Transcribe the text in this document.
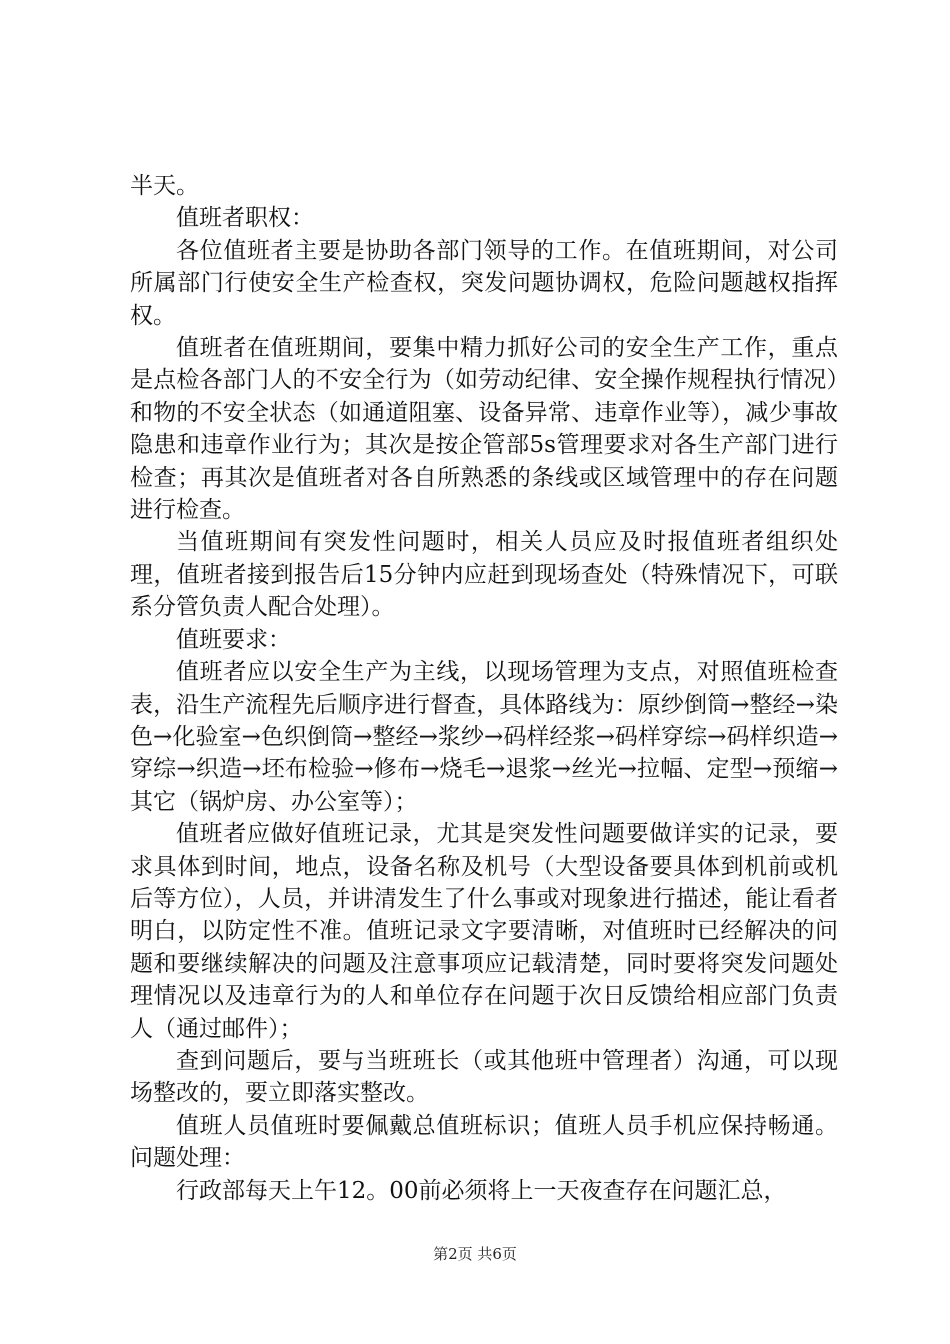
半天。

值班者职权：

各位值班者主要是协助各部门领导的工作。在值班期间，对公司所属部门行使安全生产检查权，突发问题协调权，危险问题越权指挥权。

值班者在值班期间，要集中精力抓好公司的安全生产工作，重点是点检各部门人的不安全行为（如劳动纪律、安全操作规程执行情况）和物的不安全状态（如通道阻塞、设备异常、违章作业等），减少事故隐患和违章作业行为；其次是按企管部5s管理要求对各生产部门进行检查；再其次是值班者对各自所熟悉的条线或区域管理中的存在问题进行检查。

当值班期间有突发性问题时，相关人员应及时报值班者组织处理，值班者接到报告后15分钟内应赶到现场查处（特殊情况下，可联系分管负责人配合处理）。

值班要求：

值班者应以安全生产为主线，以现场管理为支点，对照值班检查表，沿生产流程先后顺序进行督查，具体路线为：原纱倒筒→整经→染色→化验室→色织倒筒→整经→浆纱→码样经浆→码样穿综→码样织造→穿综→织造→坯布检验→修布→烧毛→退浆→丝光→拉幅、定型→预缩→其它（锅炉房、办公室等）；

值班者应做好值班记录，尤其是突发性问题要做详实的记录，要求具体到时间，地点，设备名称及机号（大型设备要具体到机前或机后等方位），人员，并讲清发生了什么事或对现象进行描述，能让看者明白，以防定性不准。值班记录文字要清晰，对值班时已经解决的问题和要继续解决的问题及注意事项应记载清楚，同时要将突发问题处理情况以及违章行为的人和单位存在问题于次日反馈给相应部门负责人（通过邮件）；

查到问题后，要与当班班长（或其他班中管理者）沟通，可以现场整改的，要立即落实整改。

值班人员值班时要佩戴总值班标识；值班人员手机应保持畅通。问题处理：

行政部每天上午12。00前必须将上一天夜查存在问题汇总，

第2页 共6页
